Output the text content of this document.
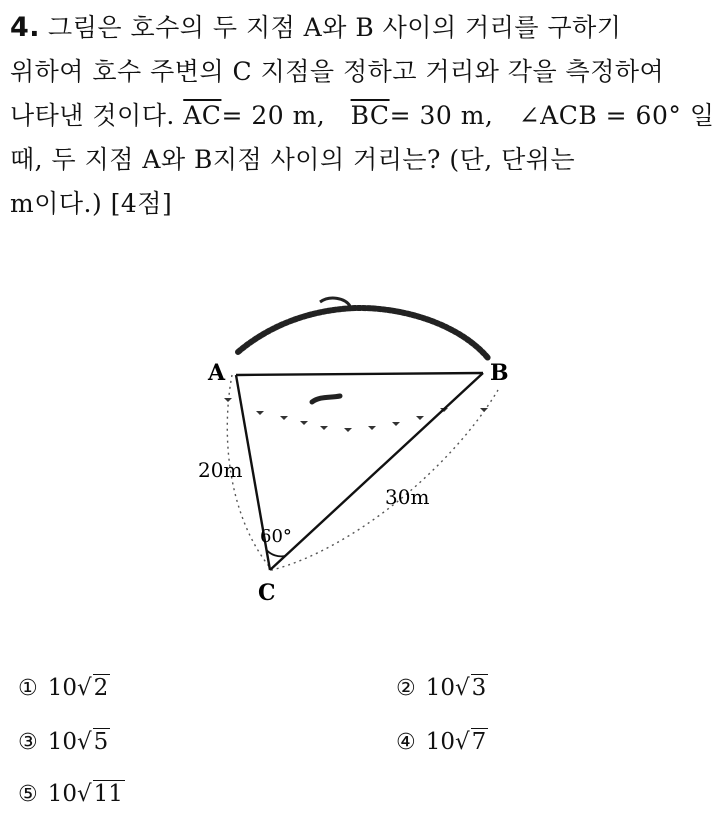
4. 그림은 호수의 두 지점 A와 B 사이의 거리를 구하기
위하여 호수 주변의 C 지점을 정하고 거리와 각을 측정하여
나타낸 것이다. $\overline{AC}= 20$ m, $\overline{BC}= 30$ m, ∠ACB = 60° 일
때, 두 지점 A와 B지점 사이의 거리는? (단, 단위는
m이다.) [4점]
A	B
C
20m
30m
60°
① 10√2	② 10√3
③ 10√5	④ 10√7
⑤ 10√11
